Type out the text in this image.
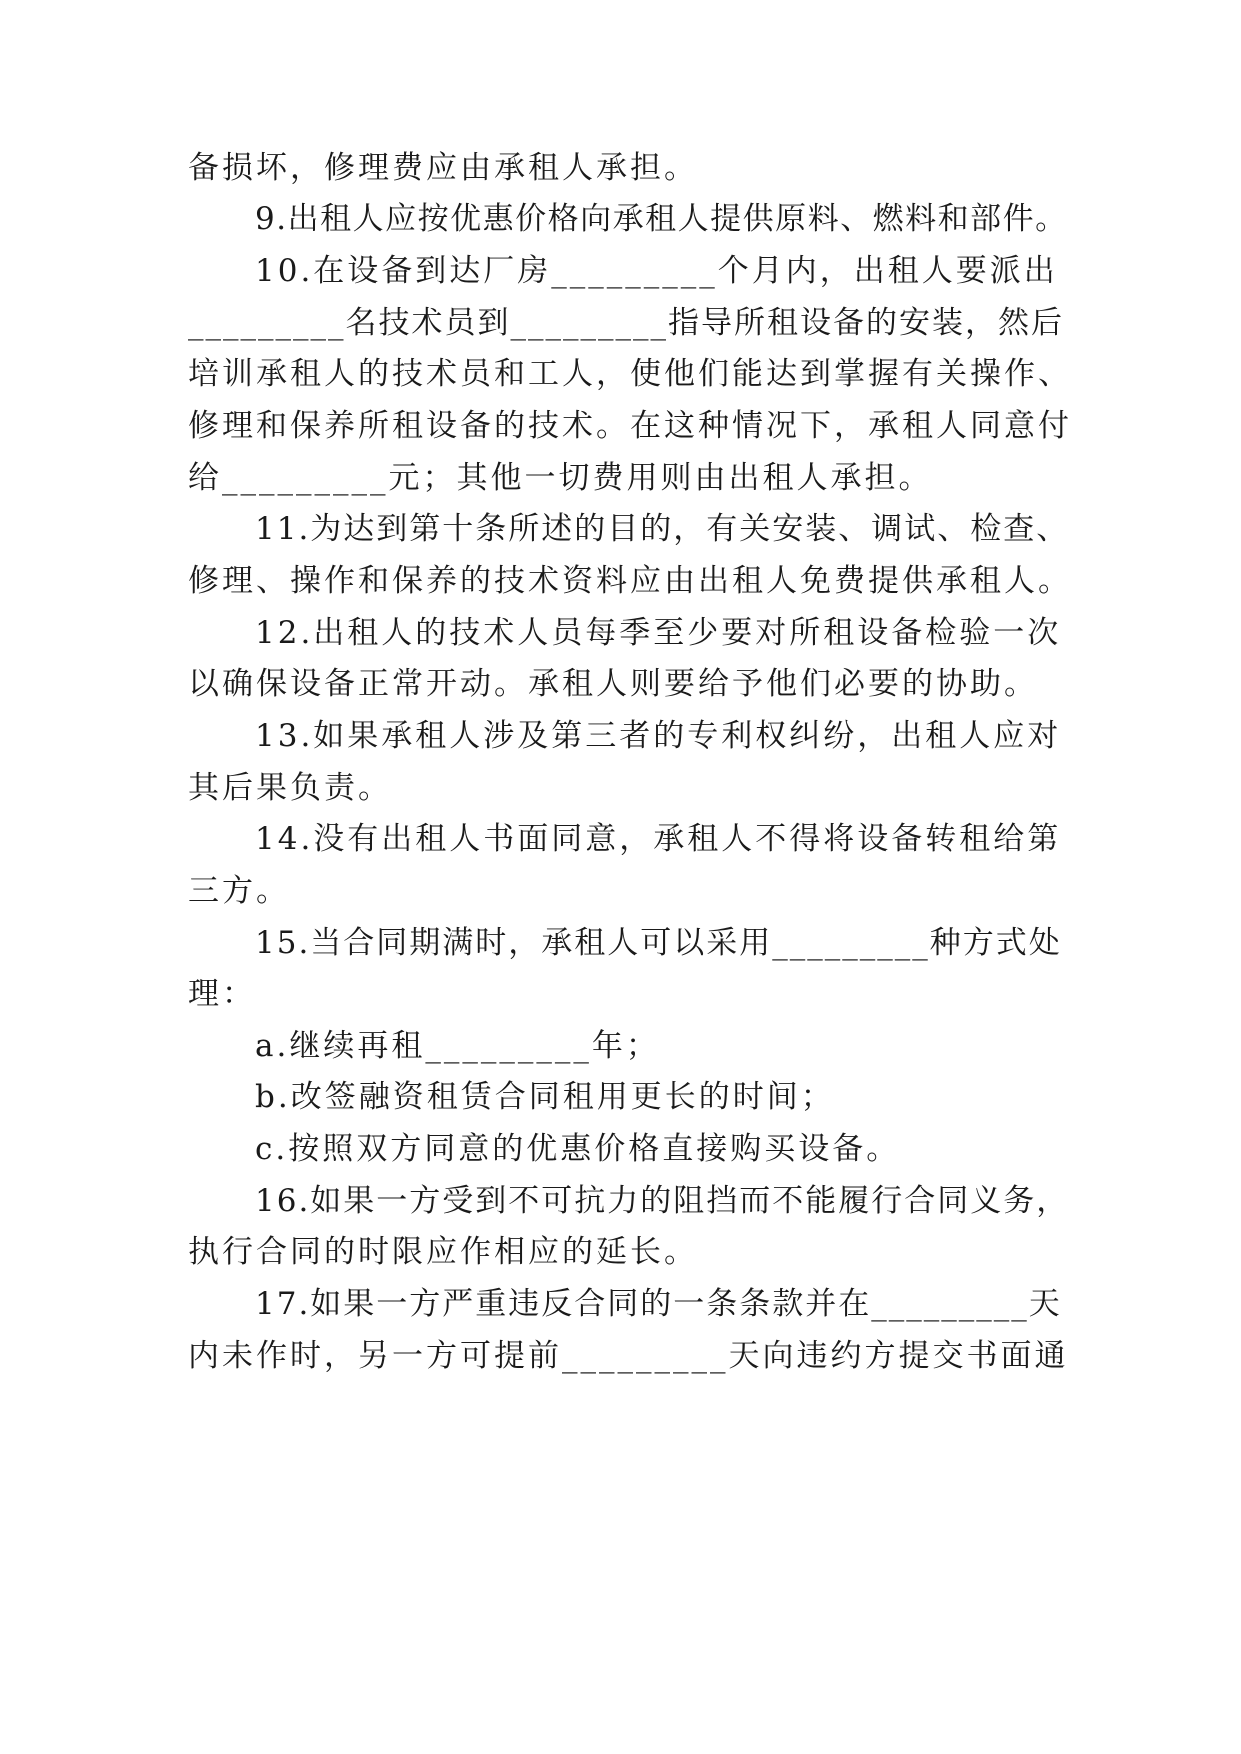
备损坏，修理费应由承租人承担。
9.出租人应按优惠价格向承租人提供原料、燃料和部件。
10.在设备到达厂房_________个月内，出租人要派出
_________名技术员到_________指导所租设备的安装，然后
培训承租人的技术员和工人，使他们能达到掌握有关操作、
修理和保养所租设备的技术。在这种情况下，承租人同意付
给_________元；其他一切费用则由出租人承担。
11.为达到第十条所述的目的，有关安装、调试、检查、
修理、操作和保养的技术资料应由出租人免费提供承租人。
12.出租人的技术人员每季至少要对所租设备检验一次
以确保设备正常开动。承租人则要给予他们必要的协助。
13.如果承租人涉及第三者的专利权纠纷，出租人应对
其后果负责。
14.没有出租人书面同意，承租人不得将设备转租给第
三方。
15.当合同期满时，承租人可以采用_________种方式处
理：
a.继续再租_________年；
b.改签融资租赁合同租用更长的时间；
c.按照双方同意的优惠价格直接购买设备。
16.如果一方受到不可抗力的阻挡而不能履行合同义务，
执行合同的时限应作相应的延长。
17.如果一方严重违反合同的一条条款并在_________天
内未作时，另一方可提前_________天向违约方提交书面通
